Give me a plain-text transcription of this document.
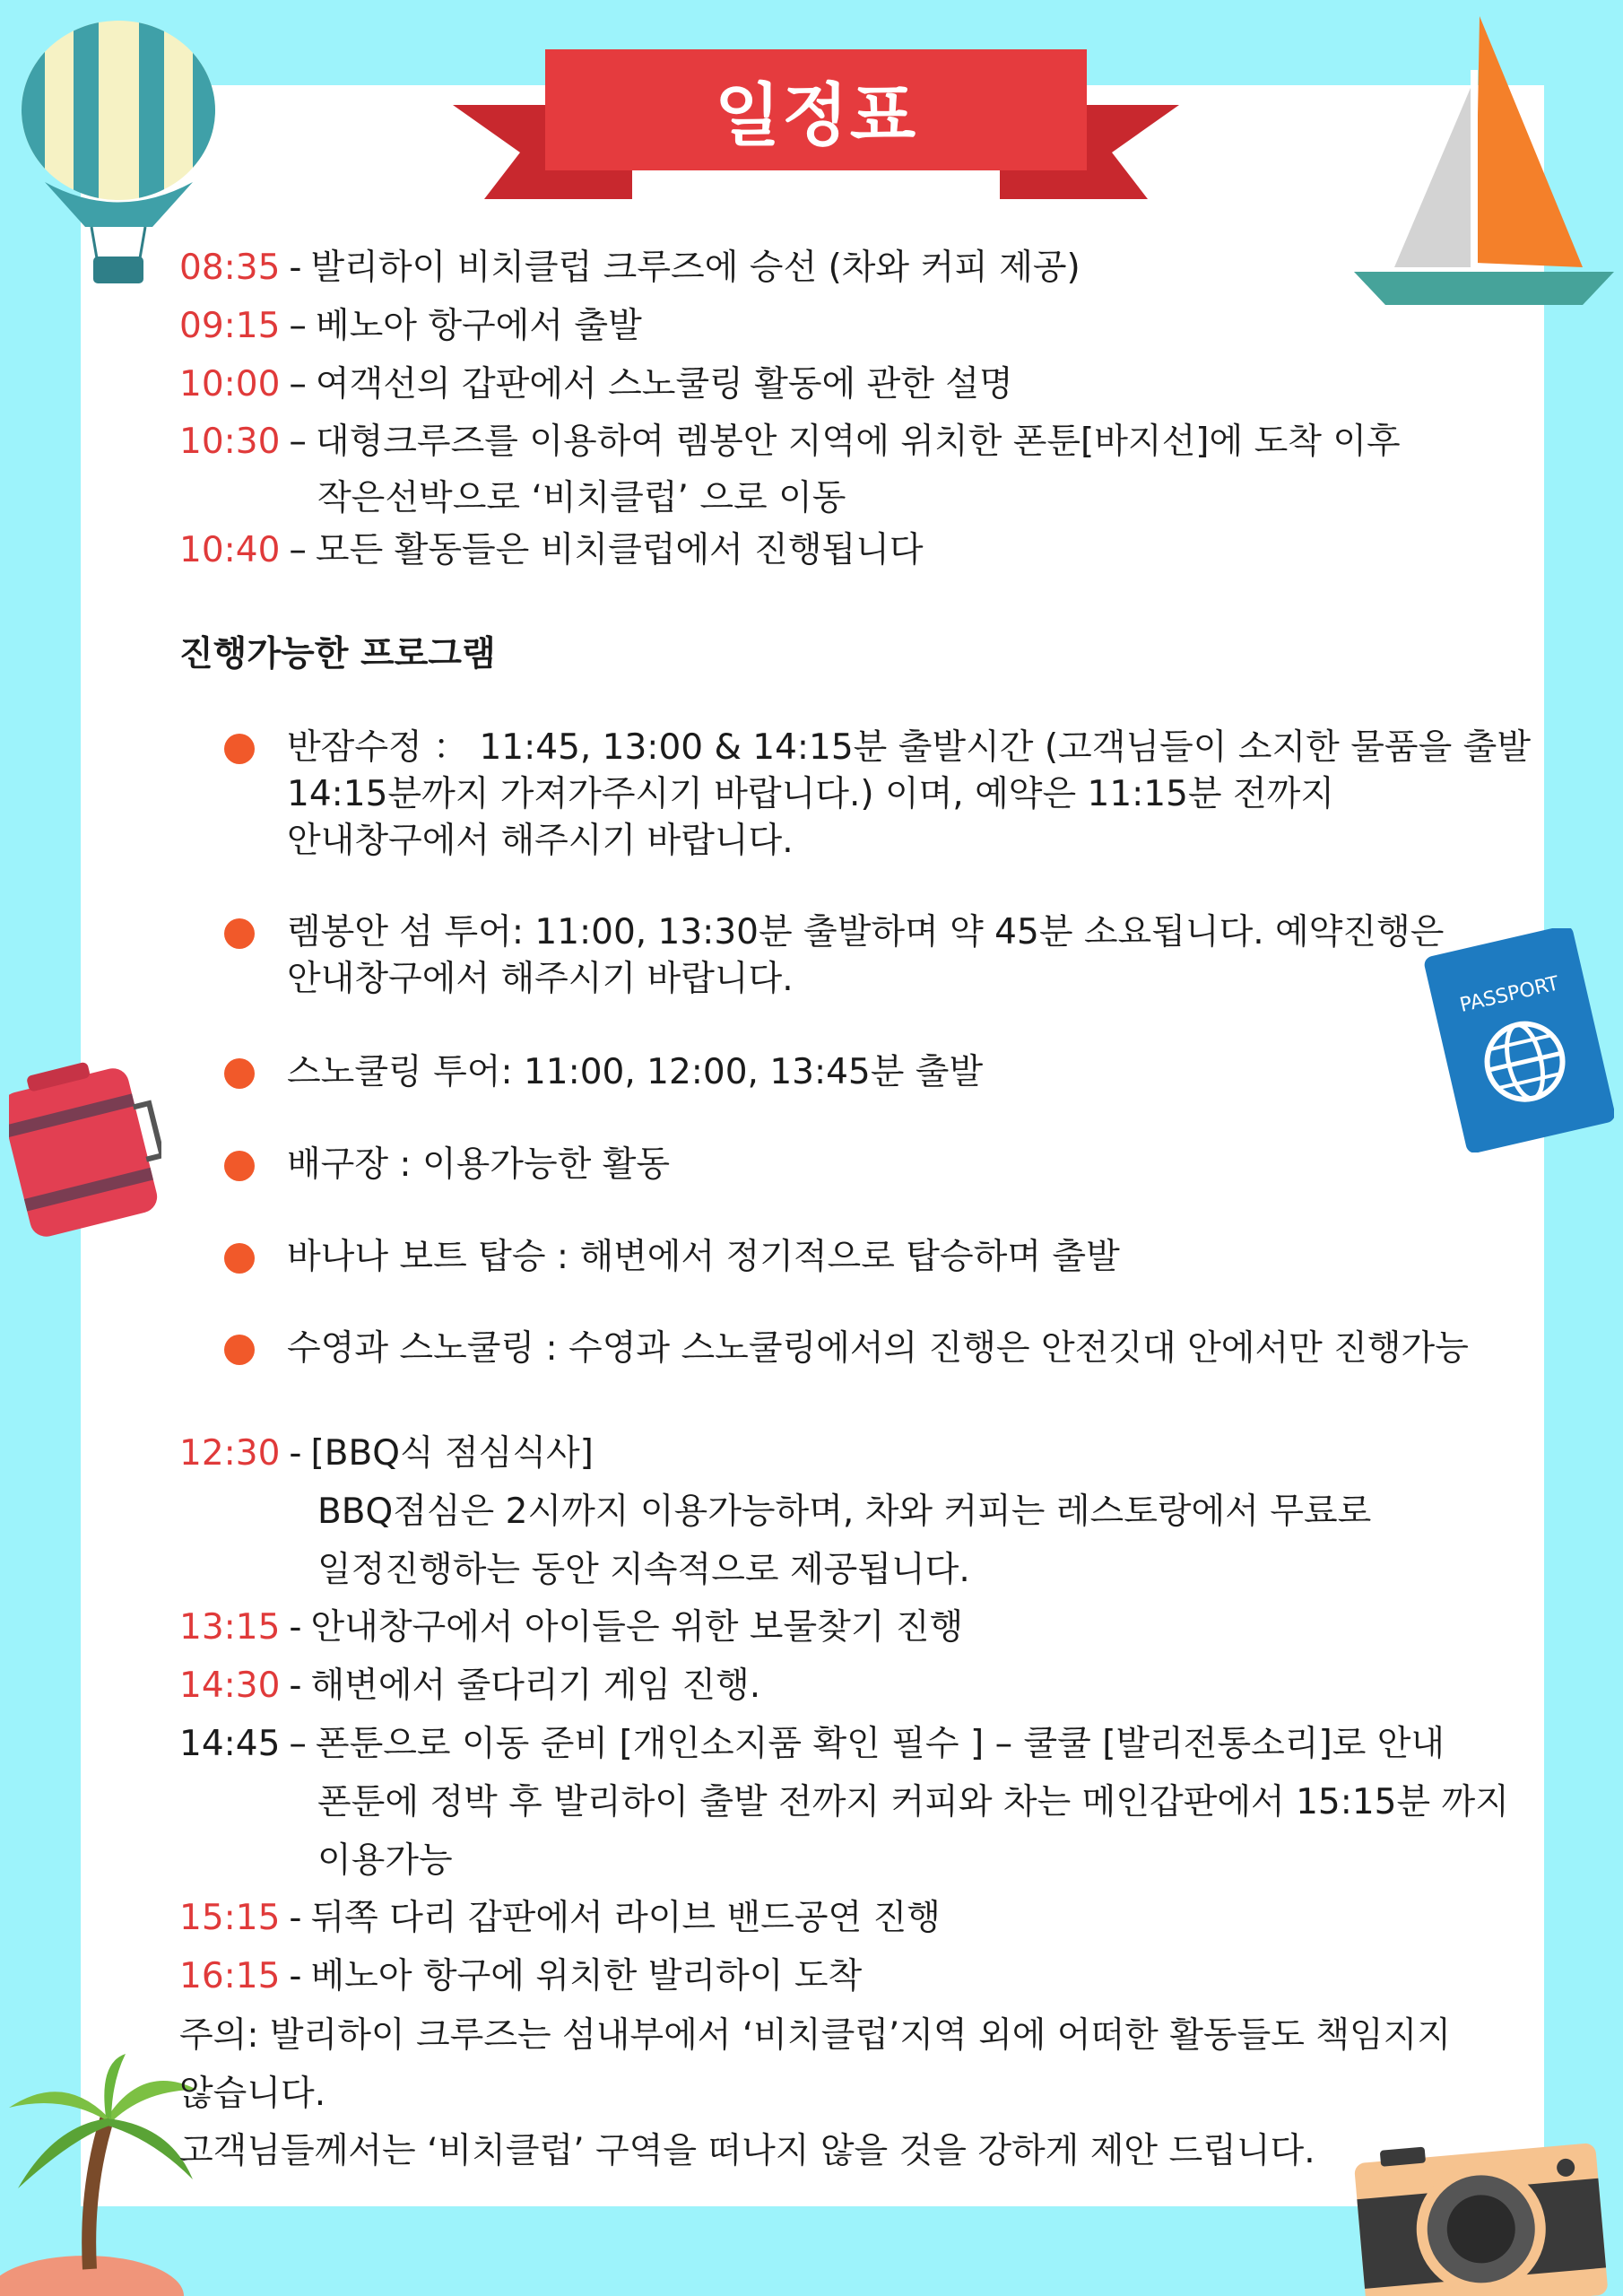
일정표
PASSPORT
08:35 - 발리하이 비치클럽 크루즈에 승선 (차와 커피 제공)
09:15 – 베노아 항구에서 출발
10:00 – 여객선의 갑판에서 스노쿨링 활동에 관한 설명
10:30 – 대형크루즈를 이용하여 렘봉안 지역에 위치한 폰툰[바지선]에 도착 이후
작은선박으로 ‘비치클럽’ 으로 이동
10:40 – 모든 활동들은 비치클럽에서 진행됩니다
진행가능한 프로그램
반잠수정 ： 11:45, 13:00 & 14:15분 출발시간 (고객님들이 소지한 물품을 출발
14:15분까지 가져가주시기 바랍니다.) 이며, 예약은 11:15분 전까지
안내창구에서 해주시기 바랍니다.
렘봉안 섬 투어: 11:00, 13:30분 출발하며 약 45분 소요됩니다. 예약진행은
안내창구에서 해주시기 바랍니다.
스노쿨링 투어: 11:00, 12:00, 13:45분 출발
배구장 : 이용가능한 활동
바나나 보트 탑승 : 해변에서 정기적으로 탑승하며 출발
수영과 스노쿨링 : 수영과 스노쿨링에서의 진행은 안전깃대 안에서만 진행가능
12:30 - [BBQ식 점심식사]
BBQ점심은 2시까지 이용가능하며, 차와 커피는 레스토랑에서 무료로
일정진행하는 동안 지속적으로 제공됩니다.
13:15 - 안내창구에서 아이들은 위한 보물찾기 진행
14:30 - 해변에서 줄다리기 게임 진행.
14:45 – 폰툰으로 이동 준비 [개인소지품 확인 필수 ] – 쿨쿨 [발리전통소리]로 안내
폰툰에 정박 후 발리하이 출발 전까지 커피와 차는 메인갑판에서 15:15분 까지
이용가능
15:15 - 뒤쪽 다리 갑판에서 라이브 밴드공연 진행
16:15 - 베노아 항구에 위치한 발리하이 도착
주의: 발리하이 크루즈는 섬내부에서 ‘비치클럽’지역 외에 어떠한 활동들도 책임지지
않습니다.
고객님들께서는 ‘비치클럽’ 구역을 떠나지 않을 것을 강하게 제안 드립니다.
